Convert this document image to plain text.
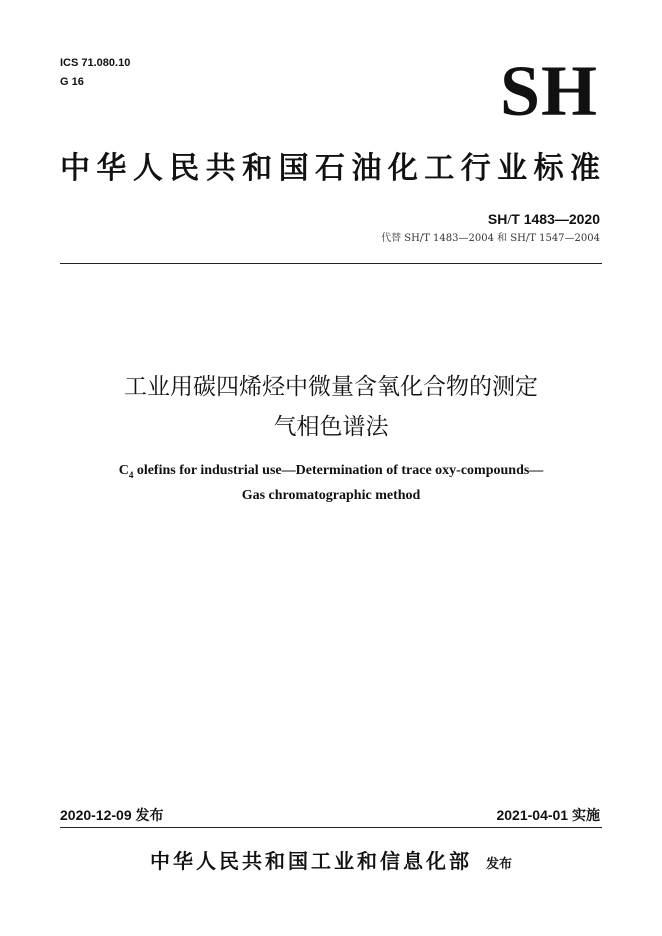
ICS 71.080.10
G 16	SH
中华人民共和国石油化工行业标准
SH/T 1483—2020
代替 SH/T 1483—2004 和 SH/T 1547—2004
工业用碳四烯烃中微量含氧化合物的测定
气相色谱法
$C_4$ olefins for industrial use—Determination of trace oxy-compounds—
Gas chromatographic method
2020-12-09 发布	2021-04-01 实施
中华人民共和国工业和信息化部 发布
